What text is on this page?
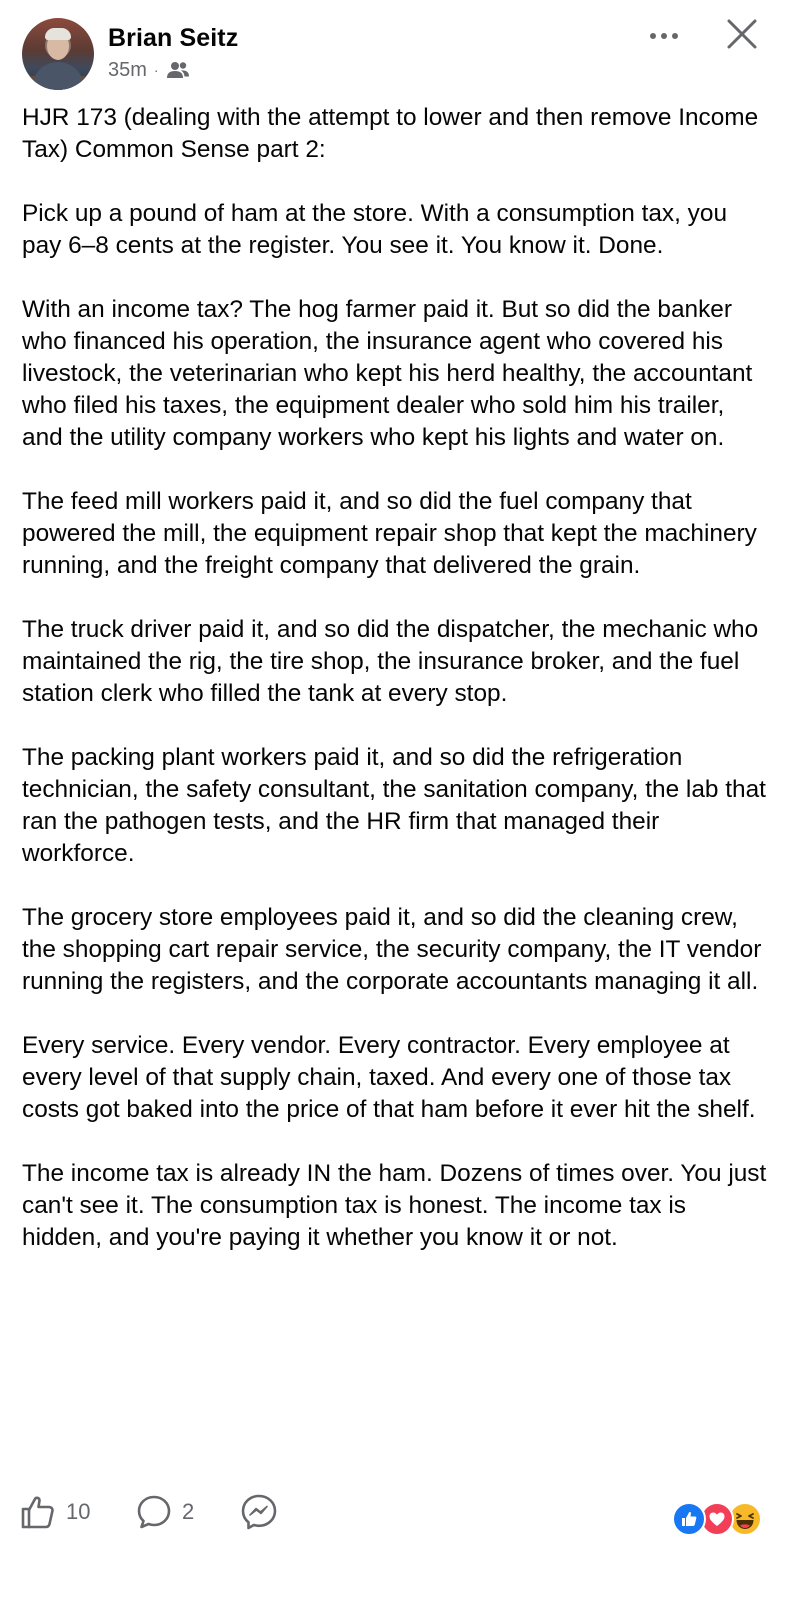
Brian Seitz
35m ·

HJR 173 (dealing with the attempt to lower and then remove Income Tax) Common Sense part 2:

Pick up a pound of ham at the store. With a consumption tax, you pay 6–8 cents at the register. You see it. You know it. Done.

With an income tax? The hog farmer paid it. But so did the banker who financed his operation, the insurance agent who covered his livestock, the veterinarian who kept his herd healthy, the accountant who filed his taxes, the equipment dealer who sold him his trailer, and the utility company workers who kept his lights and water on.

The feed mill workers paid it, and so did the fuel company that powered the mill, the equipment repair shop that kept the machinery running, and the freight company that delivered the grain.

The truck driver paid it, and so did the dispatcher, the mechanic who maintained the rig, the tire shop, the insurance broker, and the fuel station clerk who filled the tank at every stop.

The packing plant workers paid it, and so did the refrigeration technician, the safety consultant, the sanitation company, the lab that ran the pathogen tests, and the HR firm that managed their workforce.

The grocery store employees paid it, and so did the cleaning crew, the shopping cart repair service, the security company, the IT vendor running the registers, and the corporate accountants managing it all.

Every service. Every vendor. Every contractor. Every employee at every level of that supply chain, taxed. And every one of those tax costs got baked into the price of that ham before it ever hit the shelf.

The income tax is already IN the ham. Dozens of times over. You just can't see it. The consumption tax is honest. The income tax is hidden, and you're paying it whether you know it or not.

10	2
